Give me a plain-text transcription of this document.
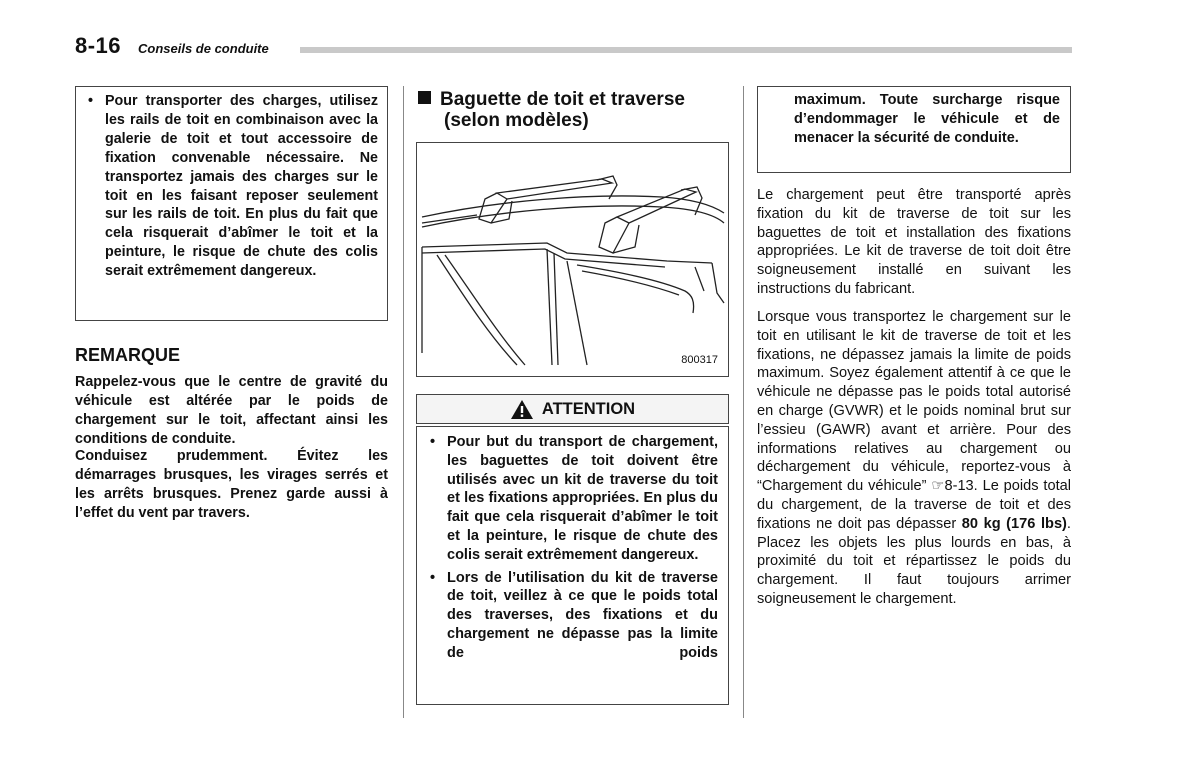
8-16 Conseils de conduite

• Pour transporter des charges, utilisez les rails de toit en combinaison avec la galerie de toit et tout accessoire de fixation convenable nécessaire. Ne transportez jamais des charges sur le toit en les faisant reposer seulement sur les rails de toit. En plus du fait que cela risquerait d’abîmer le toit et la peinture, le risque de chute des colis serait extrêmement dangereux.

REMARQUE

Rappelez-vous que le centre de gravité du véhicule est altérée par le poids de chargement sur le toit, affectant ainsi les conditions de conduite.

Conduisez prudemment. Évitez les démarrages brusques, les virages serrés et les arrêts brusques. Prenez garde aussi à l’effet du vent par travers.

Baguette de toit et traverse
(selon modèles)
800317
ATTENTION

• Pour but du transport de chargement, les baguettes de toit doivent être utilisés avec un kit de traverse du toit et les fixations appropriées. En plus du fait que cela risquerait d’abîmer le toit et la peinture, le risque de chute des colis serait extrêmement dangereux.

• Lors de l’utilisation du kit de traverse de toit, veillez à ce que le poids total des traverses, des fixations et du chargement ne dépasse pas la limite de poids

maximum. Toute surcharge risque d’endommager le véhicule et de menacer la sécurité de conduite.

Le chargement peut être transporté après fixation du kit de traverse de toit sur les baguettes de toit et installation des fixations appropriées. Le kit de traverse de toit doit être soigneusement installé en suivant les instructions du fabricant.

Lorsque vous transportez le chargement sur le toit en utilisant le kit de traverse de toit et les fixations, ne dépassez jamais la limite de poids maximum. Soyez également attentif à ce que le véhicule ne dépasse pas le poids total autorisé en charge (GVWR) et le poids nominal brut sur l’essieu (GAWR) avant et arrière. Pour des informations relatives au chargement ou déchargement du véhicule, reportez-vous à “Chargement du véhicule” ☞8-13. Le poids total du chargement, de la traverse de toit et des fixations ne doit pas dépasser 80 kg (176 lbs). Placez les objets les plus lourds en bas, à proximité du toit et répartissez le poids du chargement. Il faut toujours arrimer soigneusement le chargement.
